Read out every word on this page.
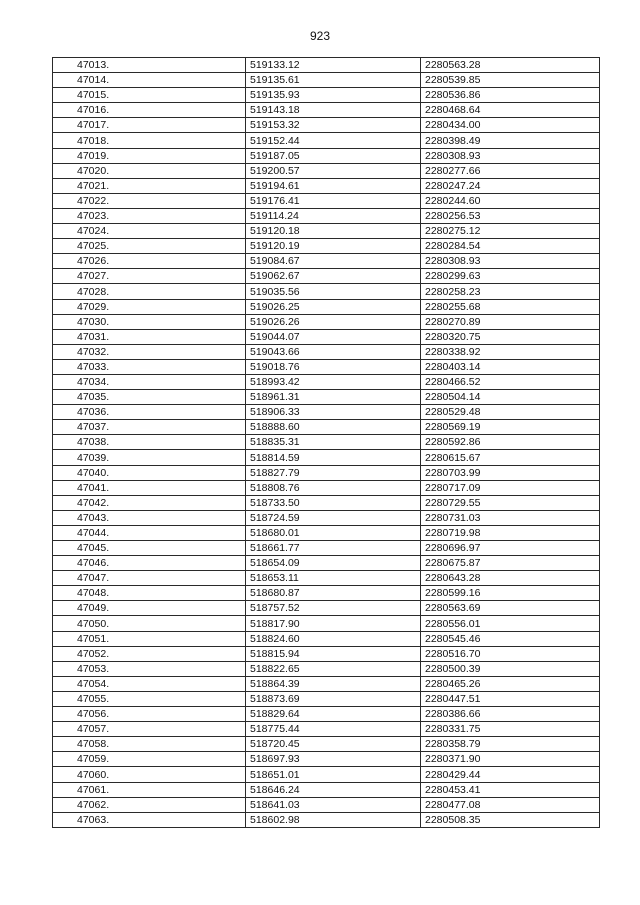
923
47013.	519133.12	2280563.28
47014.	519135.61	2280539.85
47015.	519135.93	2280536.86
47016.	519143.18	2280468.64
47017.	519153.32	2280434.00
47018.	519152.44	2280398.49
47019.	519187.05	2280308.93
47020.	519200.57	2280277.66
47021.	519194.61	2280247.24
47022.	519176.41	2280244.60
47023.	519114.24	2280256.53
47024.	519120.18	2280275.12
47025.	519120.19	2280284.54
47026.	519084.67	2280308.93
47027.	519062.67	2280299.63
47028.	519035.56	2280258.23
47029.	519026.25	2280255.68
47030.	519026.26	2280270.89
47031.	519044.07	2280320.75
47032.	519043.66	2280338.92
47033.	519018.76	2280403.14
47034.	518993.42	2280466.52
47035.	518961.31	2280504.14
47036.	518906.33	2280529.48
47037.	518888.60	2280569.19
47038.	518835.31	2280592.86
47039.	518814.59	2280615.67
47040.	518827.79	2280703.99
47041.	518808.76	2280717.09
47042.	518733.50	2280729.55
47043.	518724.59	2280731.03
47044.	518680.01	2280719.98
47045.	518661.77	2280696.97
47046.	518654.09	2280675.87
47047.	518653.11	2280643.28
47048.	518680.87	2280599.16
47049.	518757.52	2280563.69
47050.	518817.90	2280556.01
47051.	518824.60	2280545.46
47052.	518815.94	2280516.70
47053.	518822.65	2280500.39
47054.	518864.39	2280465.26
47055.	518873.69	2280447.51
47056.	518829.64	2280386.66
47057.	518775.44	2280331.75
47058.	518720.45	2280358.79
47059.	518697.93	2280371.90
47060.	518651.01	2280429.44
47061.	518646.24	2280453.41
47062.	518641.03	2280477.08
47063.	518602.98	2280508.35
